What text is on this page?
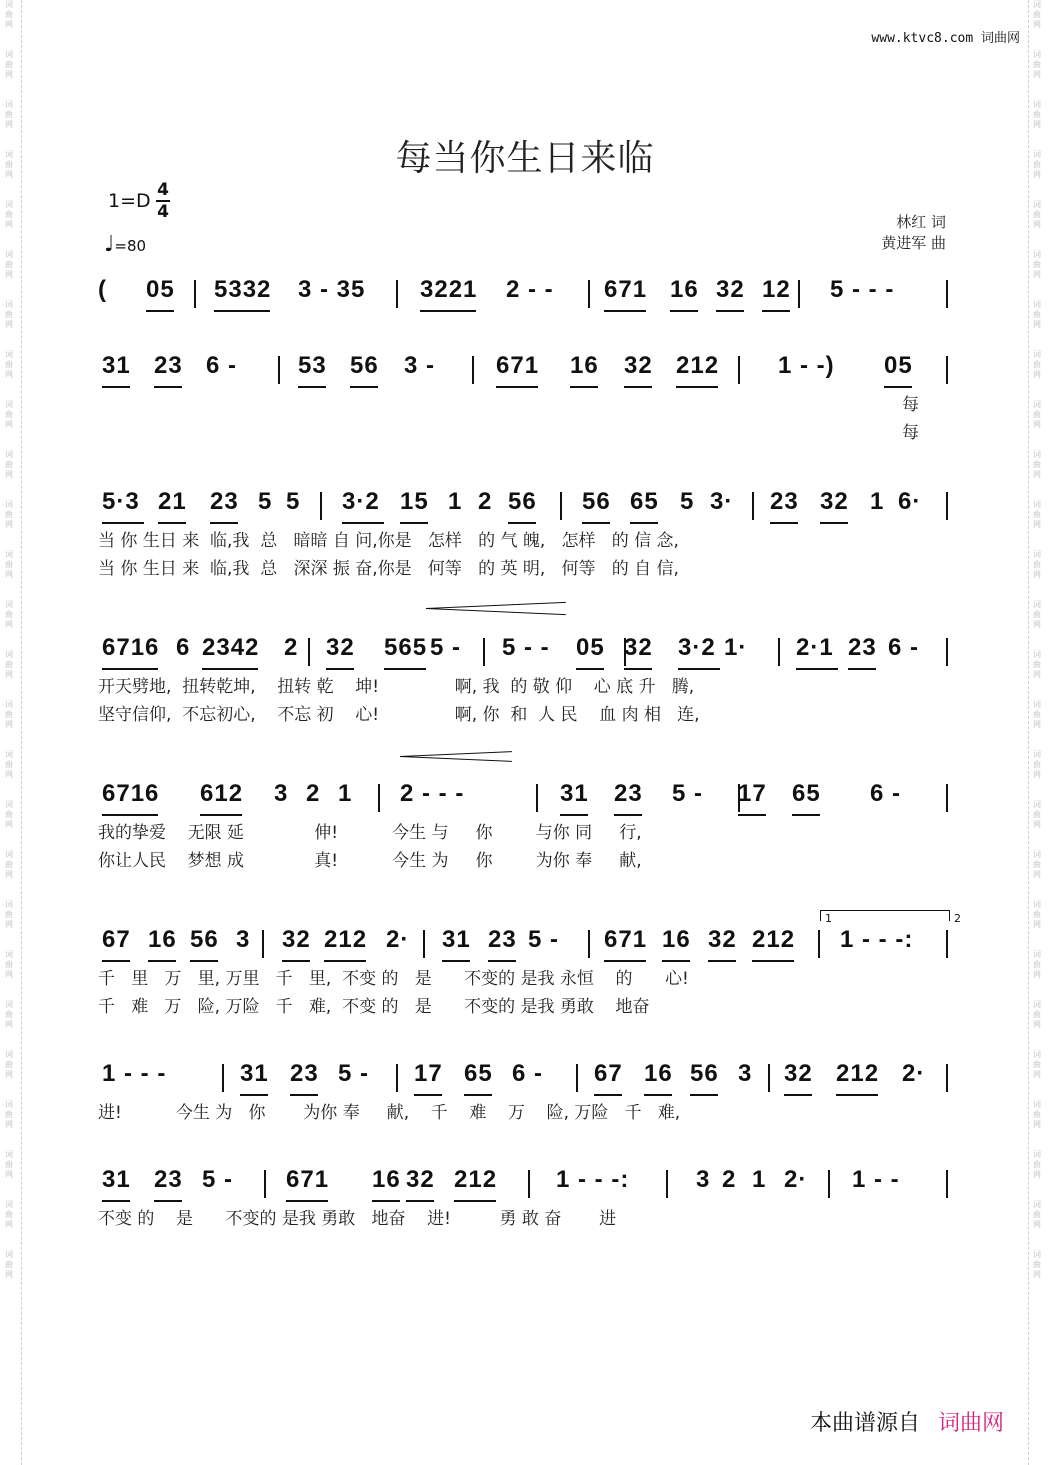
词
曲
网

词
曲
网

词
曲
网

词
曲
网

词
曲
网

词
曲
网

词
曲
网

词
曲
网

词
曲
网

词
曲
网

词
曲
网

词
曲
网

词
曲
网

词
曲
网

词
曲
网

词
曲
网

词
曲
网

词
曲
网

词
曲
网

词
曲
网

词
曲
网

词
曲
网

词
曲
网

词
曲
网

词
曲
网

词
曲
网

词
曲
网

词
曲
网

词
曲
网

词
曲
网

词
曲
网

词
曲
网

词
曲
网

词
曲
网

词
曲
网

词
曲
网

词
曲
网

词
曲
网

词
曲
网

词
曲
网

词
曲
网

词
曲
网

词
曲
网

词
曲
网

词
曲
网

词
曲
网

词
曲
网

词
曲
网

词
曲
网

词
曲
网

词
曲
网

词
曲
网

www.ktvc8.com 词曲网
每当你生日来临
1=D 4
4
♩=80
林红 词
黄进军 曲
( 05 5332 3 - 35 3221 2 - - 671 16 32 12 5 - - -
31 23 6 -	53 56 3 -	671 16 32 212 1 - -) 05
每
每
5·3 21 23 5 5 3·2 15 1 2 56 56 65 5 3· 23 32 1 6·
当 你 生日 来  临,我  总   暗暗 自 问,你是   怎样   的 气 魄,   怎样   的 信 念,
当 你 生日 来  临,我  总   深深 振 奋,你是   何等   的 英 明,   何等   的 自 信,
6716 6 2342 2 32 565 5 - 5 - - 05 32 3·2 1· 2·1 23 6 -
开天劈地,  扭转乾坤,    扭转 乾    坤!              啊, 我  的 敬 仰    心 底 升   腾,
坚守信仰,  不忘初心,    不忘 初    心!              啊, 你  和  人 民    血 肉 相   连,
6716 612 3 2 1 2 - - -	31 23 5 - 17 65 6 -
我的挚爱    无限 延             伸!          今生 与     你        与你 同     行,
你让人民    梦想 成             真!          今生 为     你        为你 奉     献,
67 16 56 3 32 212 2· 31 23 5 - 671 16 32 212 1 - - -:
千   里   万   里, 万里   千   里,  不变 的   是      不变的 是我 永恒    的      心!
千   难   万   险, 万险   千   难,  不变 的   是      不变的 是我 勇敢    地奋
1 - - -	31 23 5 - 17 65 6 - 67 16 56 3 32 212 2·
进!          今生 为   你       为你 奉     献,    千    难    万    险, 万险   千   难,
31 23 5 - 671 16 32 212 1 - - -:	3 2 1 2· 1 - -
不变 的    是      不变的 是我 勇敢   地奋    进!         勇 敢 奋       进
本曲谱源自 词曲网
1	2
